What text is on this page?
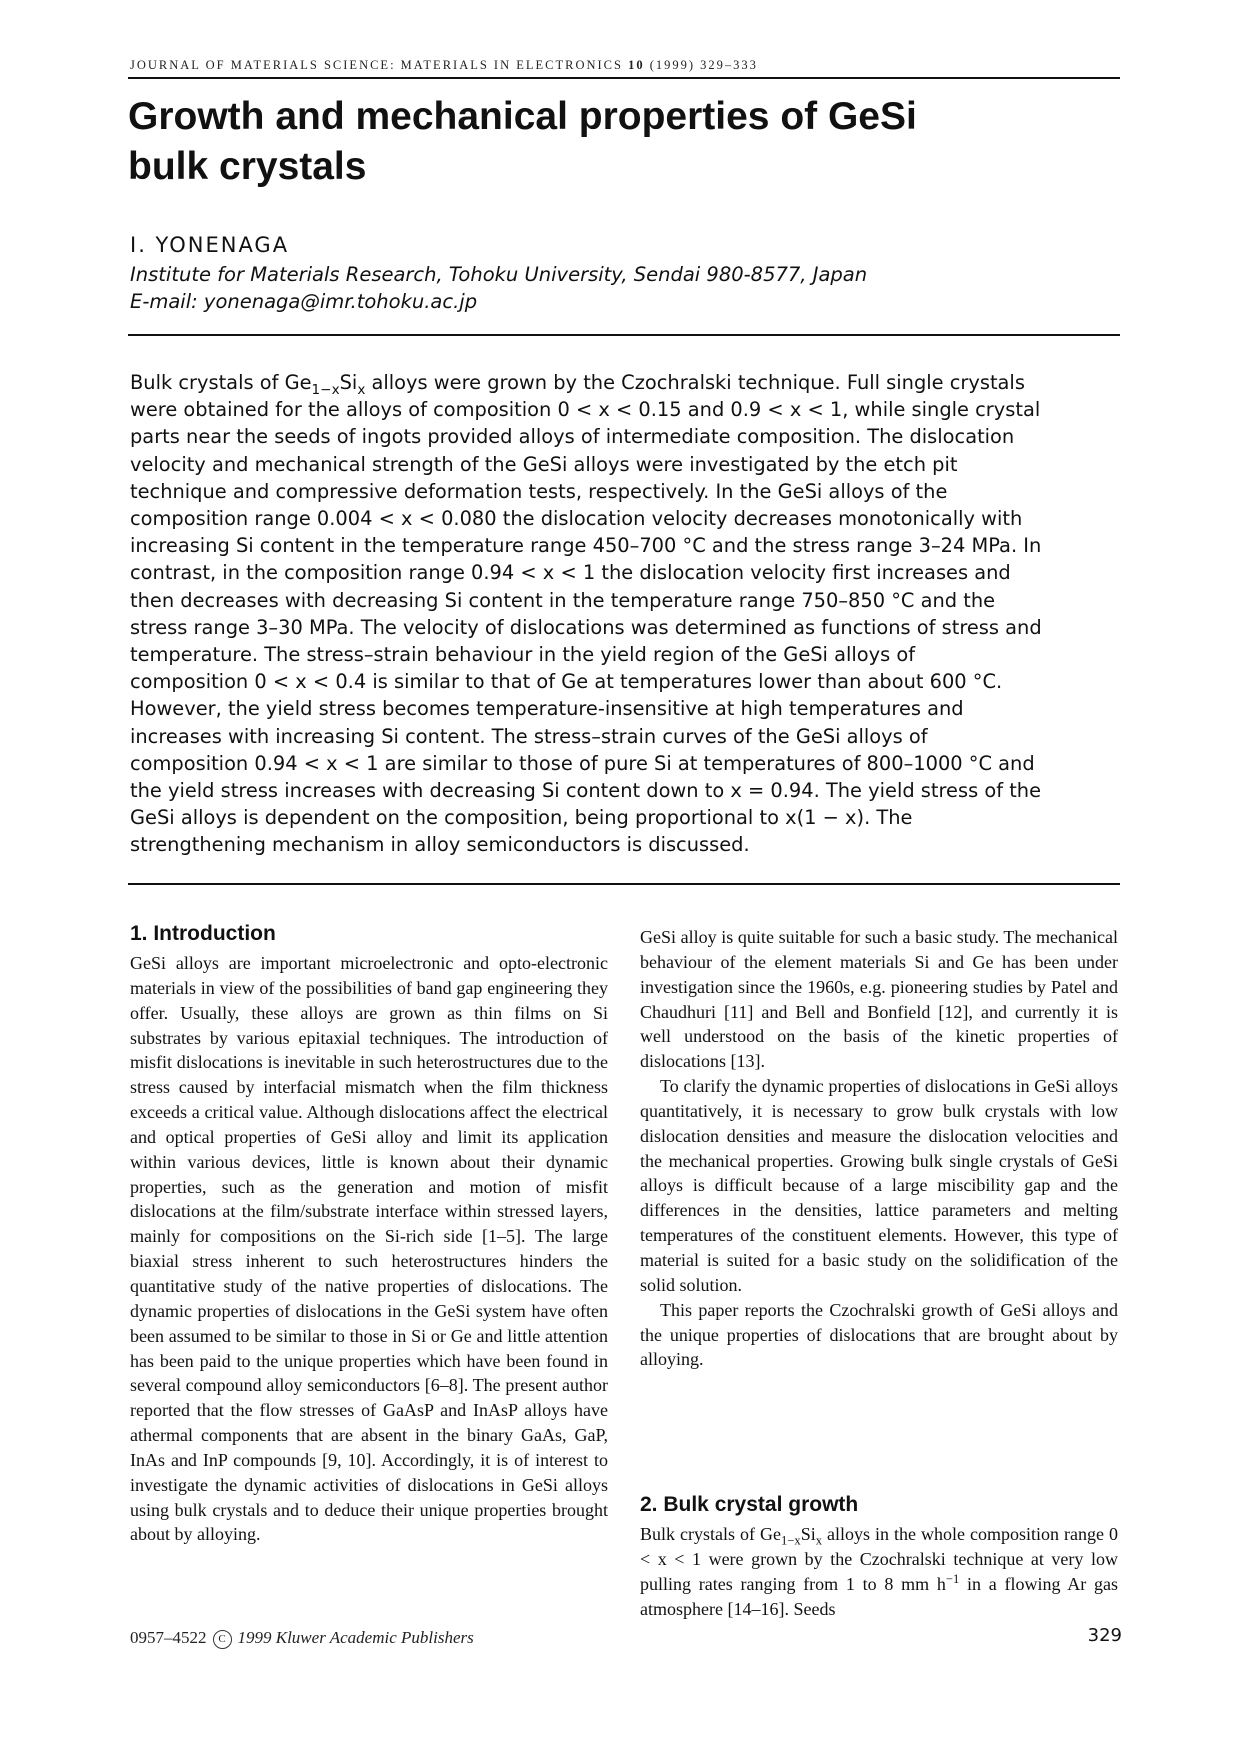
JOURNAL OF MATERIALS SCIENCE: MATERIALS IN ELECTRONICS 10 (1999) 329–333
Growth and mechanical properties of GeSi
bulk crystals
I. YONENAGA
Institute for Materials Research, Tohoku University, Sendai 980-8577, Japan
E-mail: yonenaga@imr.tohoku.ac.jp
Bulk crystals of $Ge_{1-x}Si_x$ alloys were grown by the Czochralski technique. Full single crystals
were obtained for the alloys of composition 0 < x < 0.15 and 0.9 < x < 1, while single crystal
parts near the seeds of ingots provided alloys of intermediate composition. The dislocation
velocity and mechanical strength of the GeSi alloys were investigated by the etch pit
technique and compressive deformation tests, respectively. In the GeSi alloys of the
composition range 0.004 < x < 0.080 the dislocation velocity decreases monotonically with
increasing Si content in the temperature range 450–700 °C and the stress range 3–24 MPa. In
contrast, in the composition range 0.94 < x < 1 the dislocation velocity first increases and
then decreases with decreasing Si content in the temperature range 750–850 °C and the
stress range 3–30 MPa. The velocity of dislocations was determined as functions of stress and
temperature. The stress–strain behaviour in the yield region of the GeSi alloys of
composition 0 < x < 0.4 is similar to that of Ge at temperatures lower than about 600 °C.
However, the yield stress becomes temperature-insensitive at high temperatures and
increases with increasing Si content. The stress–strain curves of the GeSi alloys of
composition 0.94 < x < 1 are similar to those of pure Si at temperatures of 800–1000 °C and
the yield stress increases with decreasing Si content down to x = 0.94. The yield stress of the
GeSi alloys is dependent on the composition, being proportional to x(1 − x). The
strengthening mechanism in alloy semiconductors is discussed.
1. Introduction

GeSi alloys are important microelectronic and opto-electronic materials in view of the possibilities of band gap engineering they offer. Usually, these alloys are grown as thin films on Si substrates by various epitaxial techniques. The introduction of misfit dislocations is inevitable in such heterostructures due to the stress caused by interfacial mismatch when the film thickness exceeds a critical value. Although dislocations affect the electrical and optical properties of GeSi alloy and limit its application within various devices, little is known about their dynamic properties, such as the generation and motion of misfit dislocations at the film/substrate interface within stressed layers, mainly for compositions on the Si-rich side [1–5]. The large biaxial stress inherent to such heterostructures hinders the quantitative study of the native properties of dislocations. The dynamic properties of dislocations in the GeSi system have often been assumed to be similar to those in Si or Ge and little attention has been paid to the unique properties which have been found in several compound alloy semiconductors [6–8]. The present author reported that the flow stresses of GaAsP and InAsP alloys have athermal components that are absent in the binary GaAs, GaP, InAs and InP compounds [9, 10]. Accordingly, it is of interest to investigate the dynamic activities of dislocations in GeSi alloys using bulk crystals and to deduce their unique properties brought about by alloying.

GeSi alloy is quite suitable for such a basic study. The mechanical behaviour of the element materials Si and Ge has been under investigation since the 1960s, e.g. pioneering studies by Patel and Chaudhuri [11] and Bell and Bonfield [12], and currently it is well understood on the basis of the kinetic properties of dislocations [13].

To clarify the dynamic properties of dislocations in GeSi alloys quantitatively, it is necessary to grow bulk crystals with low dislocation densities and measure the dislocation velocities and the mechanical properties. Growing bulk single crystals of GeSi alloys is difficult because of a large miscibility gap and the differences in the densities, lattice parameters and melting temperatures of the constituent elements. However, this type of material is suited for a basic study on the solidification of the solid solution.

This paper reports the Czochralski growth of GeSi alloys and the unique properties of dislocations that are brought about by alloying.

2. Bulk crystal growth

Bulk crystals of $Ge_{1-x}Si_x$ alloys in the whole composition range 0 < x < 1 were grown by the Czochralski technique at very low pulling rates ranging from 1 to 8 mm $h^{-1}$ in a flowing Ar gas atmosphere [14–16]. Seeds

0957–4522 C 1999 Kluwer Academic Publishers	329
